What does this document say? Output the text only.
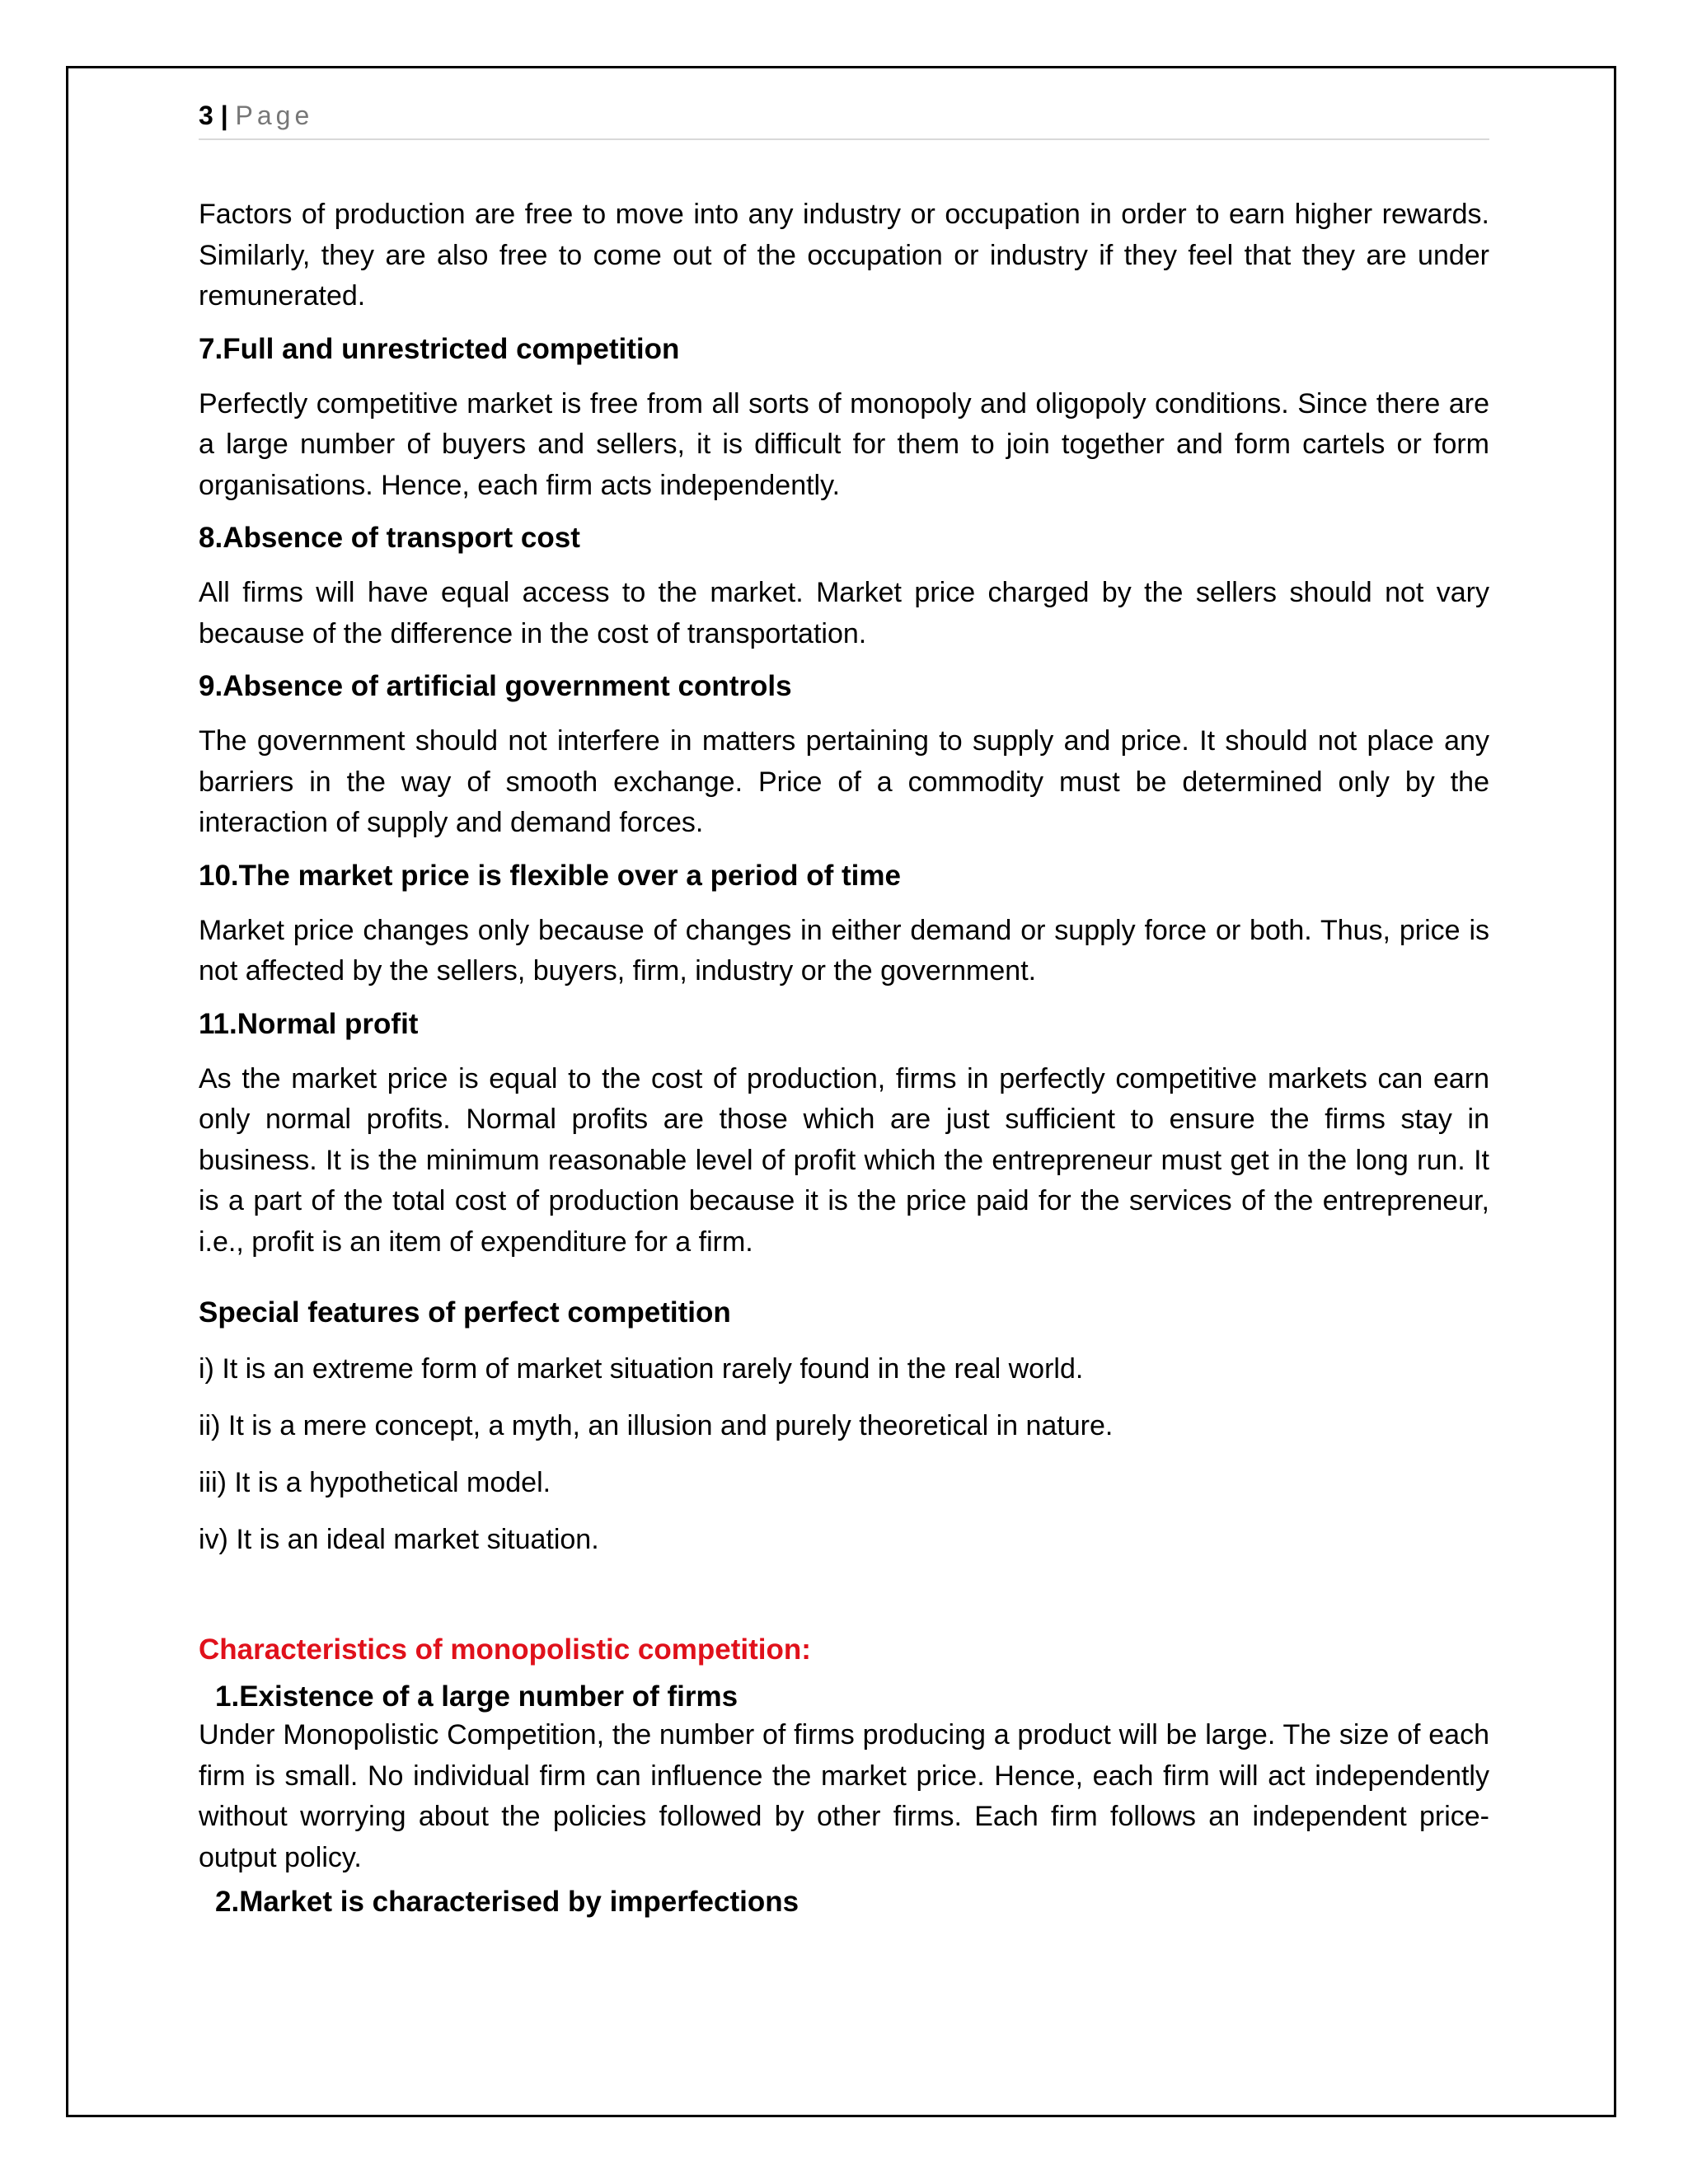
3 | Page

Factors of production are free to move into any industry or occupation in order to earn higher rewards. Similarly, they are also free to come out of the occupation or industry if they feel that they are under remunerated.

7.Full and unrestricted competition

Perfectly competitive market is free from all sorts of monopoly and oligopoly conditions. Since there are a large number of buyers and sellers, it is difficult for them to join together and form cartels or form organisations. Hence, each firm acts independently.

8.Absence of transport cost

All firms will have equal access to the market. Market price charged by the sellers should not vary because of the difference in the cost of transportation.

9.Absence of artificial government controls

The government should not interfere in matters pertaining to supply and price. It should not place any barriers in the way of smooth exchange. Price of a commodity must be determined only by the interaction of supply and demand forces.

10.The market price is flexible over a period of time

Market price changes only because of changes in either demand or supply force or both. Thus, price is not affected by the sellers, buyers, firm, industry or the government.

11.Normal profit

As the market price is equal to the cost of production, firms in perfectly competitive markets can earn only normal profits. Normal profits are those which are just sufficient to ensure the firms stay in business. It is the minimum reasonable level of profit which the entrepreneur must get in the long run. It is a part of the total cost of production because it is the price paid for the services of the entrepreneur, i.e., profit is an item of expenditure for a firm.

Special features of perfect competition

i) It is an extreme form of market situation rarely found in the real world.

ii) It is a mere concept, a myth, an illusion and purely theoretical in nature.

iii) It is a hypothetical model.

iv) It is an ideal market situation.

Characteristics of monopolistic competition:

1.Existence of a large number of firms

Under Monopolistic Competition, the number of firms producing a product will be large. The size of each firm is small. No individual firm can influence the market price. Hence, each firm will act independently without worrying about the policies followed by other firms. Each firm follows an independent price-output policy.

2.Market is characterised by imperfections
